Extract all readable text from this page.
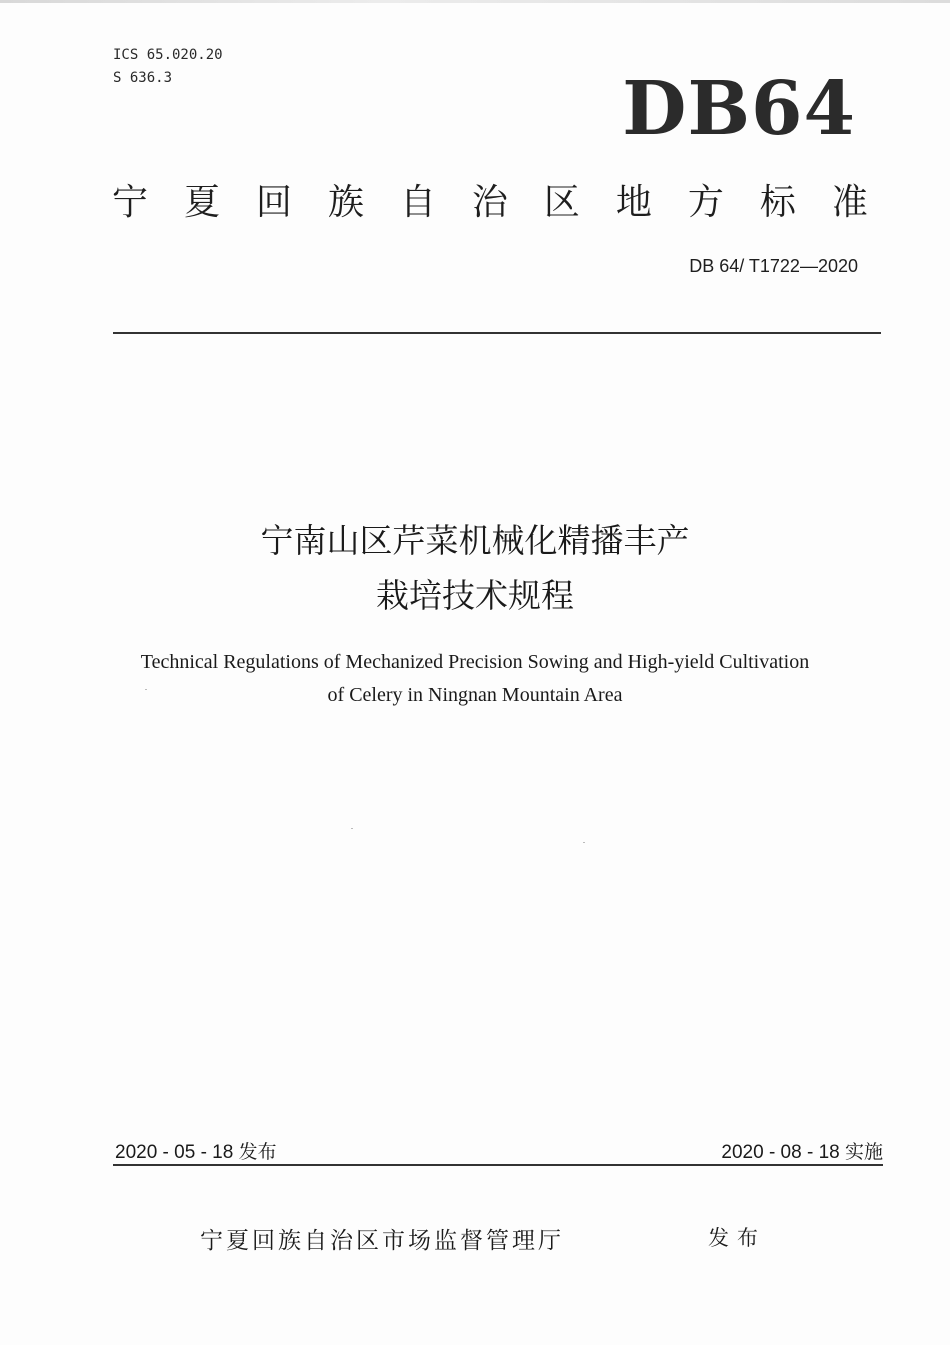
ICS 65.020.20
S 636.3	DB64
宁 夏 回 族 自 治 区 地 方 标 准
DB 64/ T1722—2020
宁南山区芹菜机械化精播丰产
栽培技术规程
Technical Regulations of Mechanized Precision Sowing and High-yield Cultivation
of Celery in Ningnan Mountain Area
2020 - 05 - 18 发布	2020 - 08 - 18 实施
宁夏回族自治区市场监督管理厅	发布
